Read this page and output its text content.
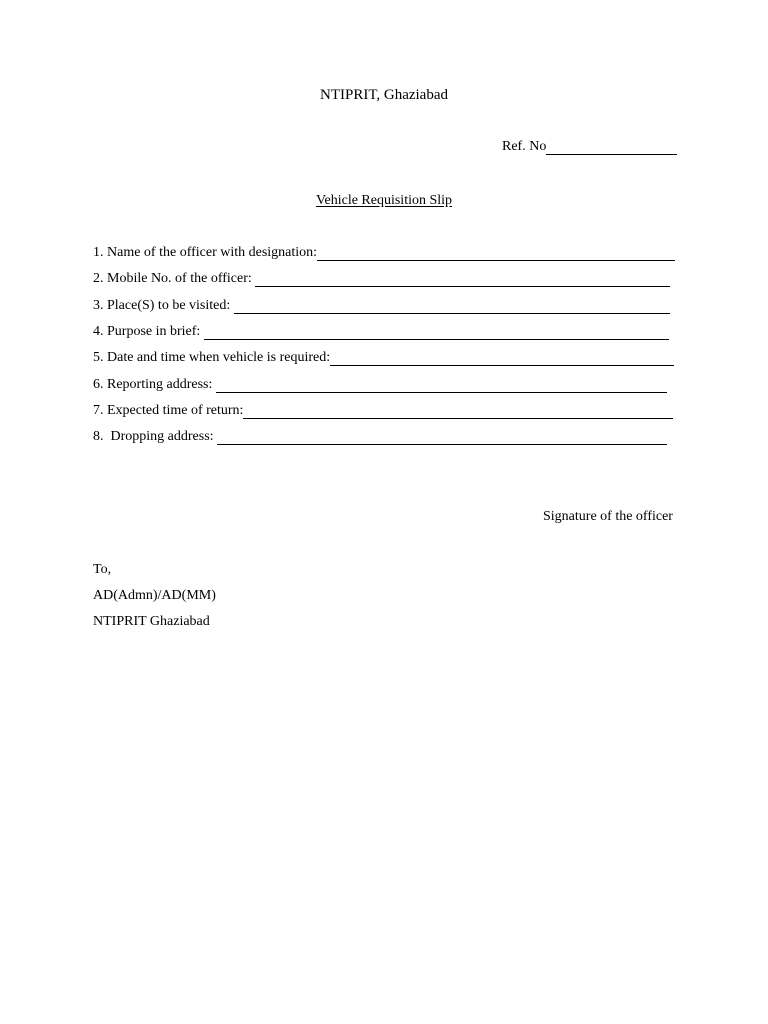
NTIPRIT, Ghaziabad
Ref. No
Vehicle Requisition Slip
1. Name of the officer with designation:
2. Mobile No. of the officer:
3. Place(S) to be visited:
4. Purpose in brief:
5. Date and time when vehicle is required:
6. Reporting address:
7. Expected time of return:
8.  Dropping address:
Signature of the officer
To,
AD(Admn)/AD(MM)
NTIPRIT Ghaziabad
